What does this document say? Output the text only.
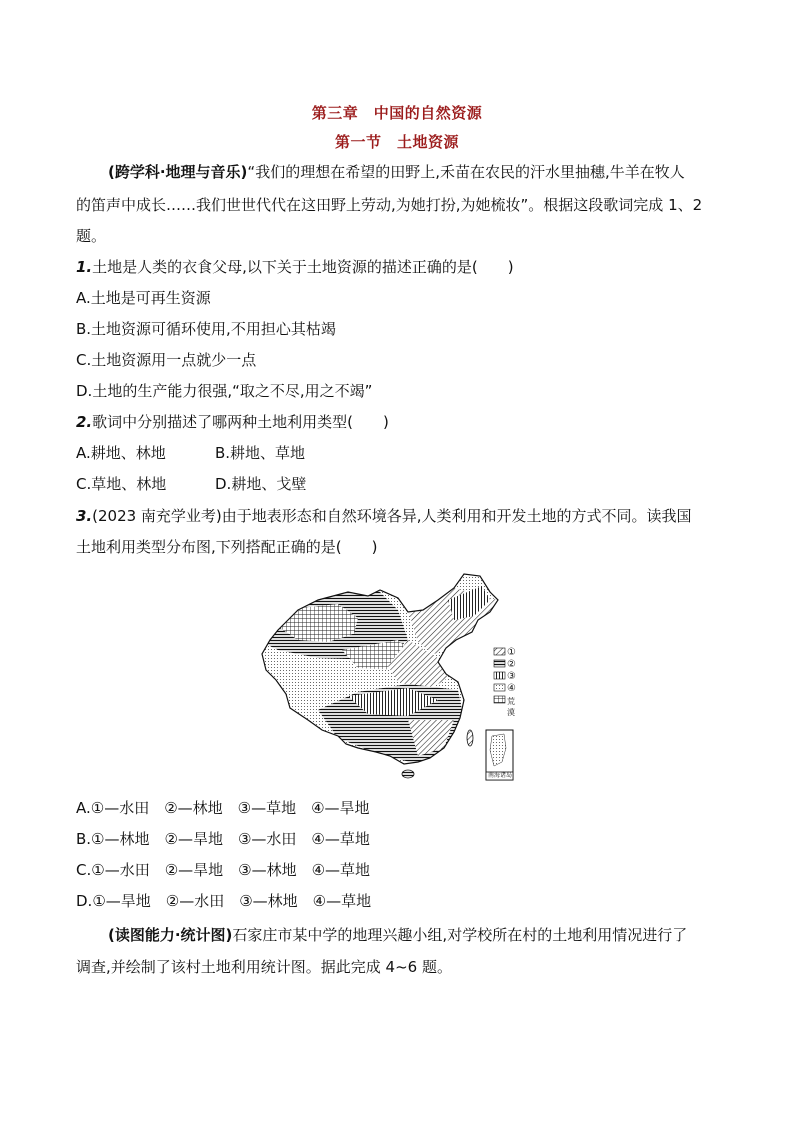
第三章　中国的自然资源
第一节　土地资源
(跨学科·地理与音乐)“我们的理想在希望的田野上,禾苗在农民的汗水里抽穗,牛羊在牧人
的笛声中成长……我们世世代代在这田野上劳动,为她打扮,为她梳妆”。根据这段歌词完成 1、2
题。
1.土地是人类的衣食父母,以下关于土地资源的描述正确的是(　　)
A.土地是可再生资源
B.土地资源可循环使用,不用担心其枯竭
C.土地资源用一点就少一点
D.土地的生产能力很强,“取之不尽,用之不竭”
2.歌词中分别描述了哪两种土地利用类型(　　)
A.耕地、林地	B.耕地、草地
C.草地、林地	D.耕地、戈壁
3.(2023 南充学业考)由于地表形态和自然环境各异,人类利用和开发土地的方式不同。读我国
土地利用类型分布图,下列搭配正确的是(　　)
①
②
③
④
荒漠
南海诸岛
A.①—水田　②—林地　③—草地　④—旱地
B.①—林地　②—旱地　③—水田　④—草地
C.①—水田　②—旱地　③—林地　④—草地
D.①—旱地　②—水田　③—林地　④—草地
(读图能力·统计图)石家庄市某中学的地理兴趣小组,对学校所在村的土地利用情况进行了
调查,并绘制了该村土地利用统计图。据此完成 4~6 题。
